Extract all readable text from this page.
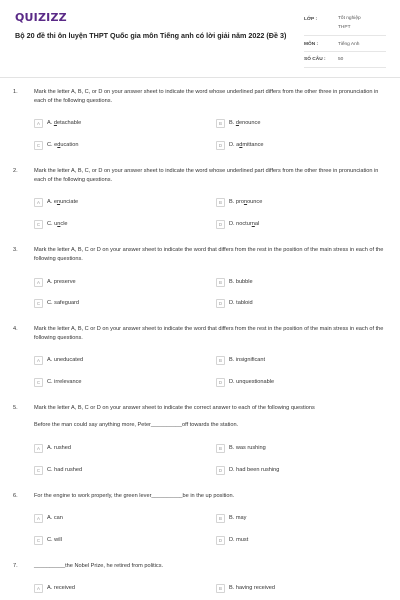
QUIZIZZ
Bộ 20 đề thi ôn luyện THPT Quốc gia môn Tiếng anh có lời giải năm 2022 (Đề 3)
LỚP :	Tốt nghiệp
THPT
MÔN :	Tiếng Anh
SỐ CÂU :	50
1.	Mark the letter A, B, C, or D on your answer sheet to indicate the word whose underlined part differs from the other three in pronunciation in each of the following questions.
A	A. detachable	B	B. denounce
C	C. education	D	D. admittance
2.	Mark the letter A, B, C, or D on your answer sheet to indicate the word whose underlined part differs from the other three in pronunciation in each of the following questions.
A	A. enunciate	B	B. pronounce
C	C. uncle	D	D. nocturnal
3.	Mark the letter A, B, C or D on your answer sheet to indicate the word that differs from the rest in the position of the main stress in each of the following questions.
A	A. preserve	B	B. bubble
C	C. safeguard	D	D. tabloid
4.	Mark the letter A, B, C or D on your answer sheet to indicate the word that differs from the rest in the position of the main stress in each of the following questions.
A	A. uneducated	B	B. insignificant
C	C. irrelevance	D	D. unquestionable
5.	Mark the letter A, B, C or D on your answer sheet to indicate the correct answer to each of the following questions
Before the man could say anything more, Peter__________off towards the station.
A	A. rushed	B	B. was rushing
C	C. had rushed	D	D. had been rushing
6.	For the engine to work properly, the green lever__________be in the up position.
A	A. can	B	B. may
C	C. will	D	D. must
7.	__________the Nobel Prize, he retired from politics.
A	A. received	B	B. having received
